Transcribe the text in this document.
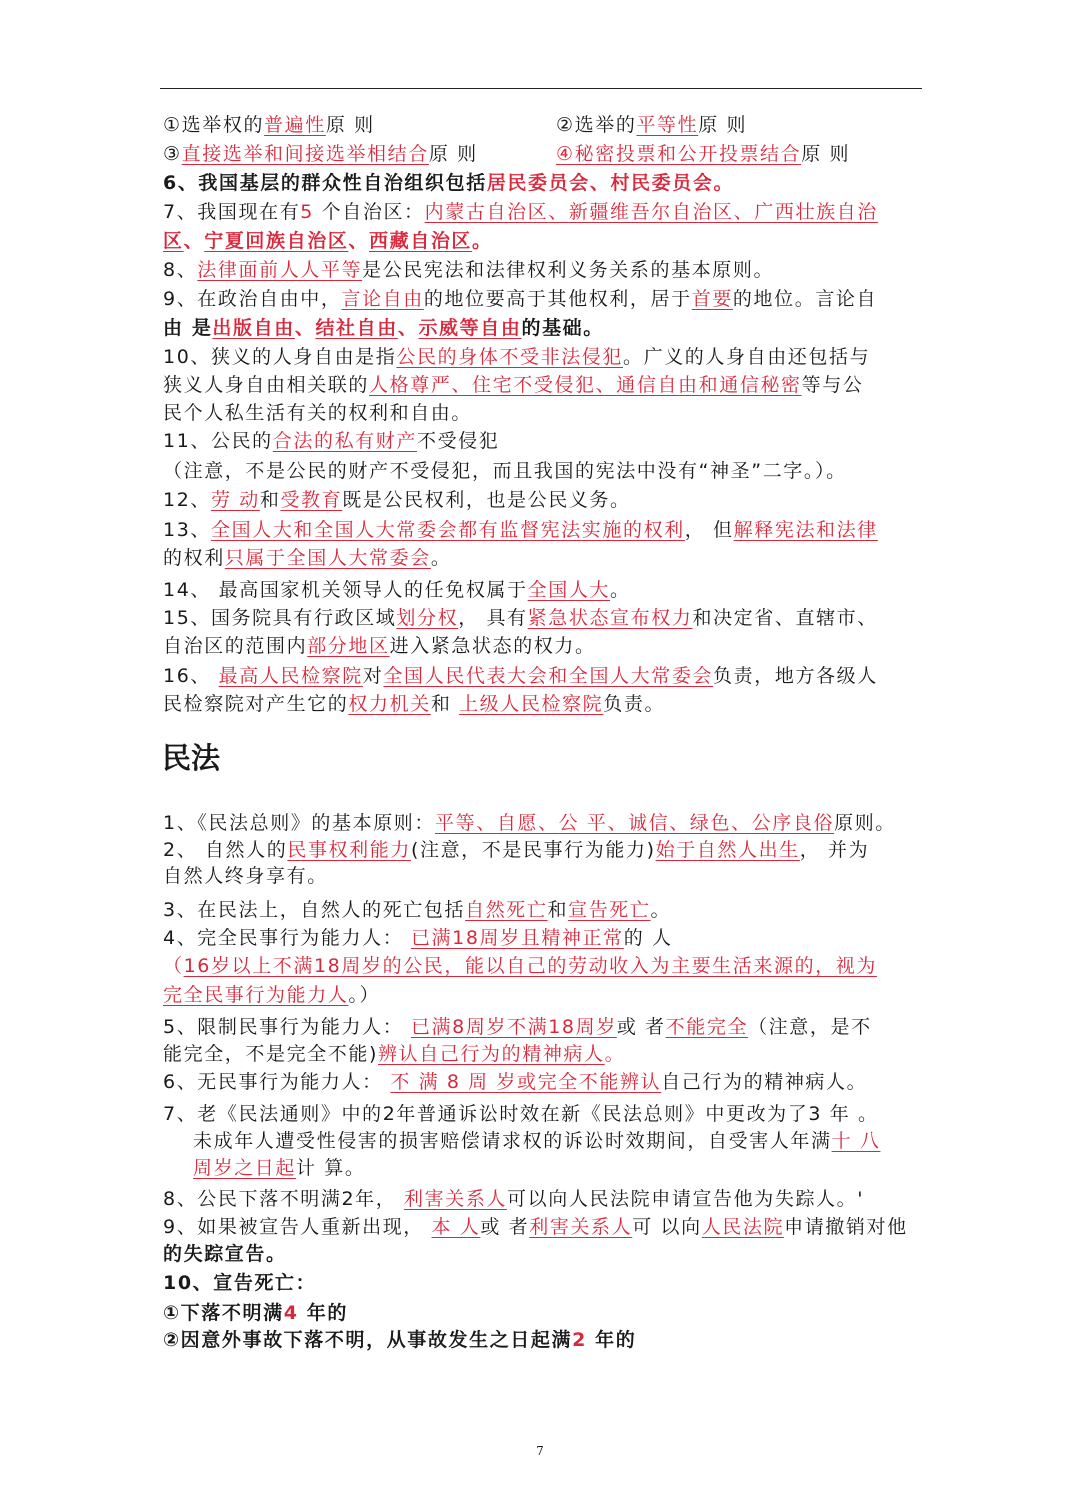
①选举权的普遍性原 则	②选举的平等性原 则
③直接选举和间接选举相结合原 则	④秘密投票和公开投票结合原 则
6、我国基层的群众性自治组织包括居民委员会、村民委员会。
7、我国现在有5 个自治区：内蒙古自治区、新疆维吾尔自治区、广西壮族自治
区、宁夏回族自治区、西藏自治区。
8、法律面前人人平等是公民宪法和法律权利义务关系的基本原则。
9、在政治自由中，言论自由的地位要高于其他权利，居于首要的地位。言论自
由 是出版自由、结社自由、示威等自由的基础。
10、狭义的人身自由是指公民的身体不受非法侵犯。广义的人身自由还包括与
狭义人身自由相关联的人格尊严、住宅不受侵犯、通信自由和通信秘密等与公
民个人私生活有关的权利和自由。
11、公民的合法的私有财产不受侵犯
（注意，不是公民的财产不受侵犯，而且我国的宪法中没有“神圣”二字。）。
12、劳 动和受教育既是公民权利，也是公民义务。
13、全国人大和全国人大常委会都有监督宪法实施的权利， 但解释宪法和法律
的权利只属于全国人大常委会。
14、 最高国家机关领导人的任免权属于全国人大。
15、国务院具有行政区域划分权， 具有紧急状态宣布权力和决定省、直辖市、
自治区的范围内部分地区进入紧急状态的权力。
16、 最高人民检察院对全国人民代表大会和全国人大常委会负责，地方各级人
民检察院对产生它的权力机关和 上级人民检察院负责。
民法
1、《民法总则》的基本原则：平等、自愿、公 平、诚信、绿色、公序良俗原则。
2、 自然人的民事权利能力(注意，不是民事行为能力)始于自然人出生， 并为
自然人终身享有。
3、在民法上，自然人的死亡包括自然死亡和宣告死亡。
4、完全民事行为能力人： 已满18周岁且精神正常的 人
（16岁以上不满18周岁的公民，能以自己的劳动收入为主要生活来源的，视为
完全民事行为能力人。）
5、限制民事行为能力人： 已满8周岁不满18周岁或 者不能完全（注意，是不
能完全，不是完全不能)辨认自己行为的精神病人。
6、无民事行为能力人： 不 满 8 周 岁或完全不能辨认自己行为的精神病人。
7、老《民法通则》中的2年普通诉讼时效在新《民法总则》中更改为了3 年 。
未成年人遭受性侵害的损害赔偿请求权的诉讼时效期间，自受害人年满十 八
周岁之日起计 算。
8、公民下落不明满2年， 利害关系人可以向人民法院申请宣告他为失踪人。'
9、如果被宣告人重新出现， 本 人或 者利害关系人可 以向人民法院申请撤销对他
的失踪宣告。
10、宣告死亡：
①下落不明满4 年的
②因意外事故下落不明，从事故发生之日起满2 年的
7
